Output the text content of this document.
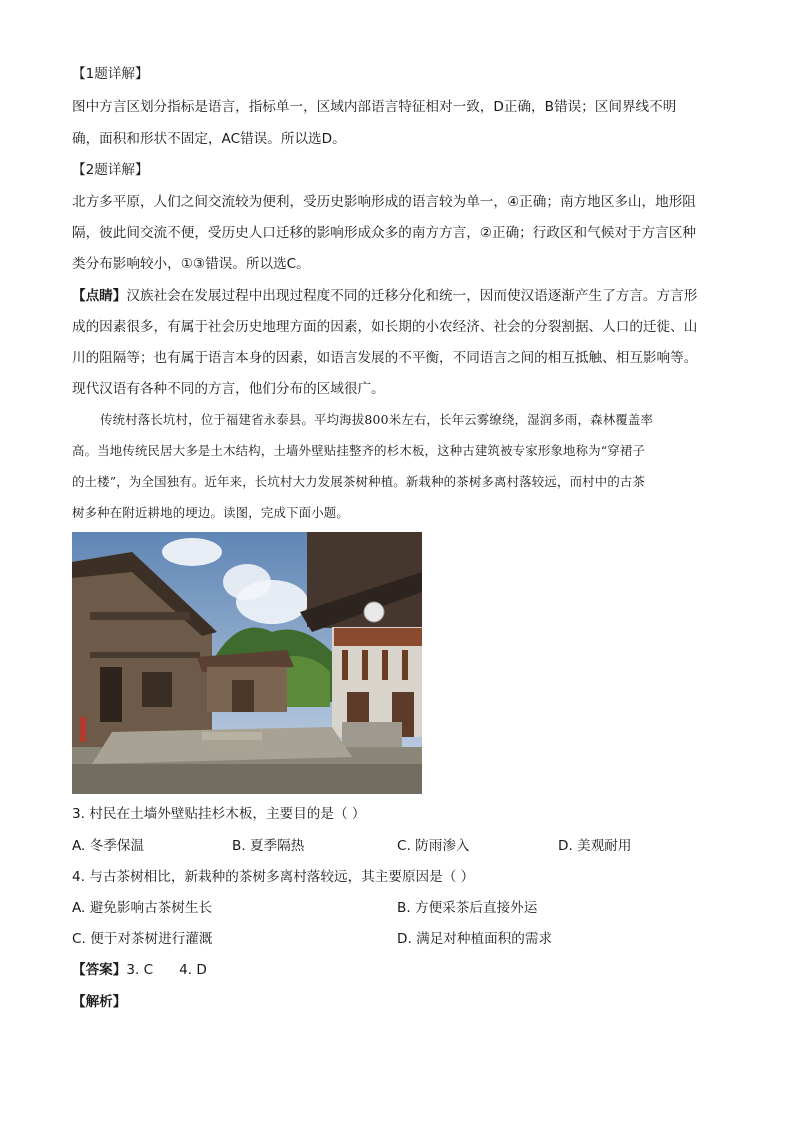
【1题详解】
图中方言区划分指标是语言，指标单一，区域内部语言特征相对一致，D正确，B错误；区间界线不明
确，面积和形状不固定，AC错误。所以选D。
【2题详解】
北方多平原，人们之间交流较为便利，受历史影响形成的语言较为单一，④正确；南方地区多山，地形阻
隔，彼此间交流不便，受历史人口迁移的影响形成众多的南方方言，②正确；行政区和气候对于方言区种
类分布影响较小，①③错误。所以选C。
【点睛】汉族社会在发展过程中出现过程度不同的迁移分化和统一，因而使汉语逐渐产生了方言。方言形
成的因素很多，有属于社会历史地理方面的因素，如长期的小农经济、社会的分裂割据、人口的迁徙、山
川的阻隔等；也有属于语言本身的因素，如语言发展的不平衡，不同语言之间的相互抵触、相互影响等。
现代汉语有各种不同的方言，他们分布的区域很广。
传统村落长坑村，位于福建省永泰县。平均海拔800米左右，长年云雾缭绕，湿润多雨，森林覆盖率
高。当地传统民居大多是土木结构，土墙外壁贴挂整齐的杉木板，这种古建筑被专家形象地称为“穿裙子
的土楼”，为全国独有。近年来，长坑村大力发展茶树种植。新栽种的茶树多离村落较远，而村中的古茶
树多种在附近耕地的埂边。读图，完成下面小题。
3. 村民在土墙外壁贴挂杉木板，主要目的是（ ）
A. 冬季保温	B. 夏季隔热	C. 防雨渗入	D. 美观耐用
4. 与古茶树相比，新栽种的茶树多离村落较远，其主要原因是（ ）
A. 避免影响古茶树生长	B. 方便采茶后直接外运
C. 便于对茶树进行灌溉	D. 满足对种植面积的需求
【答案】3. C      4. D
【解析】
